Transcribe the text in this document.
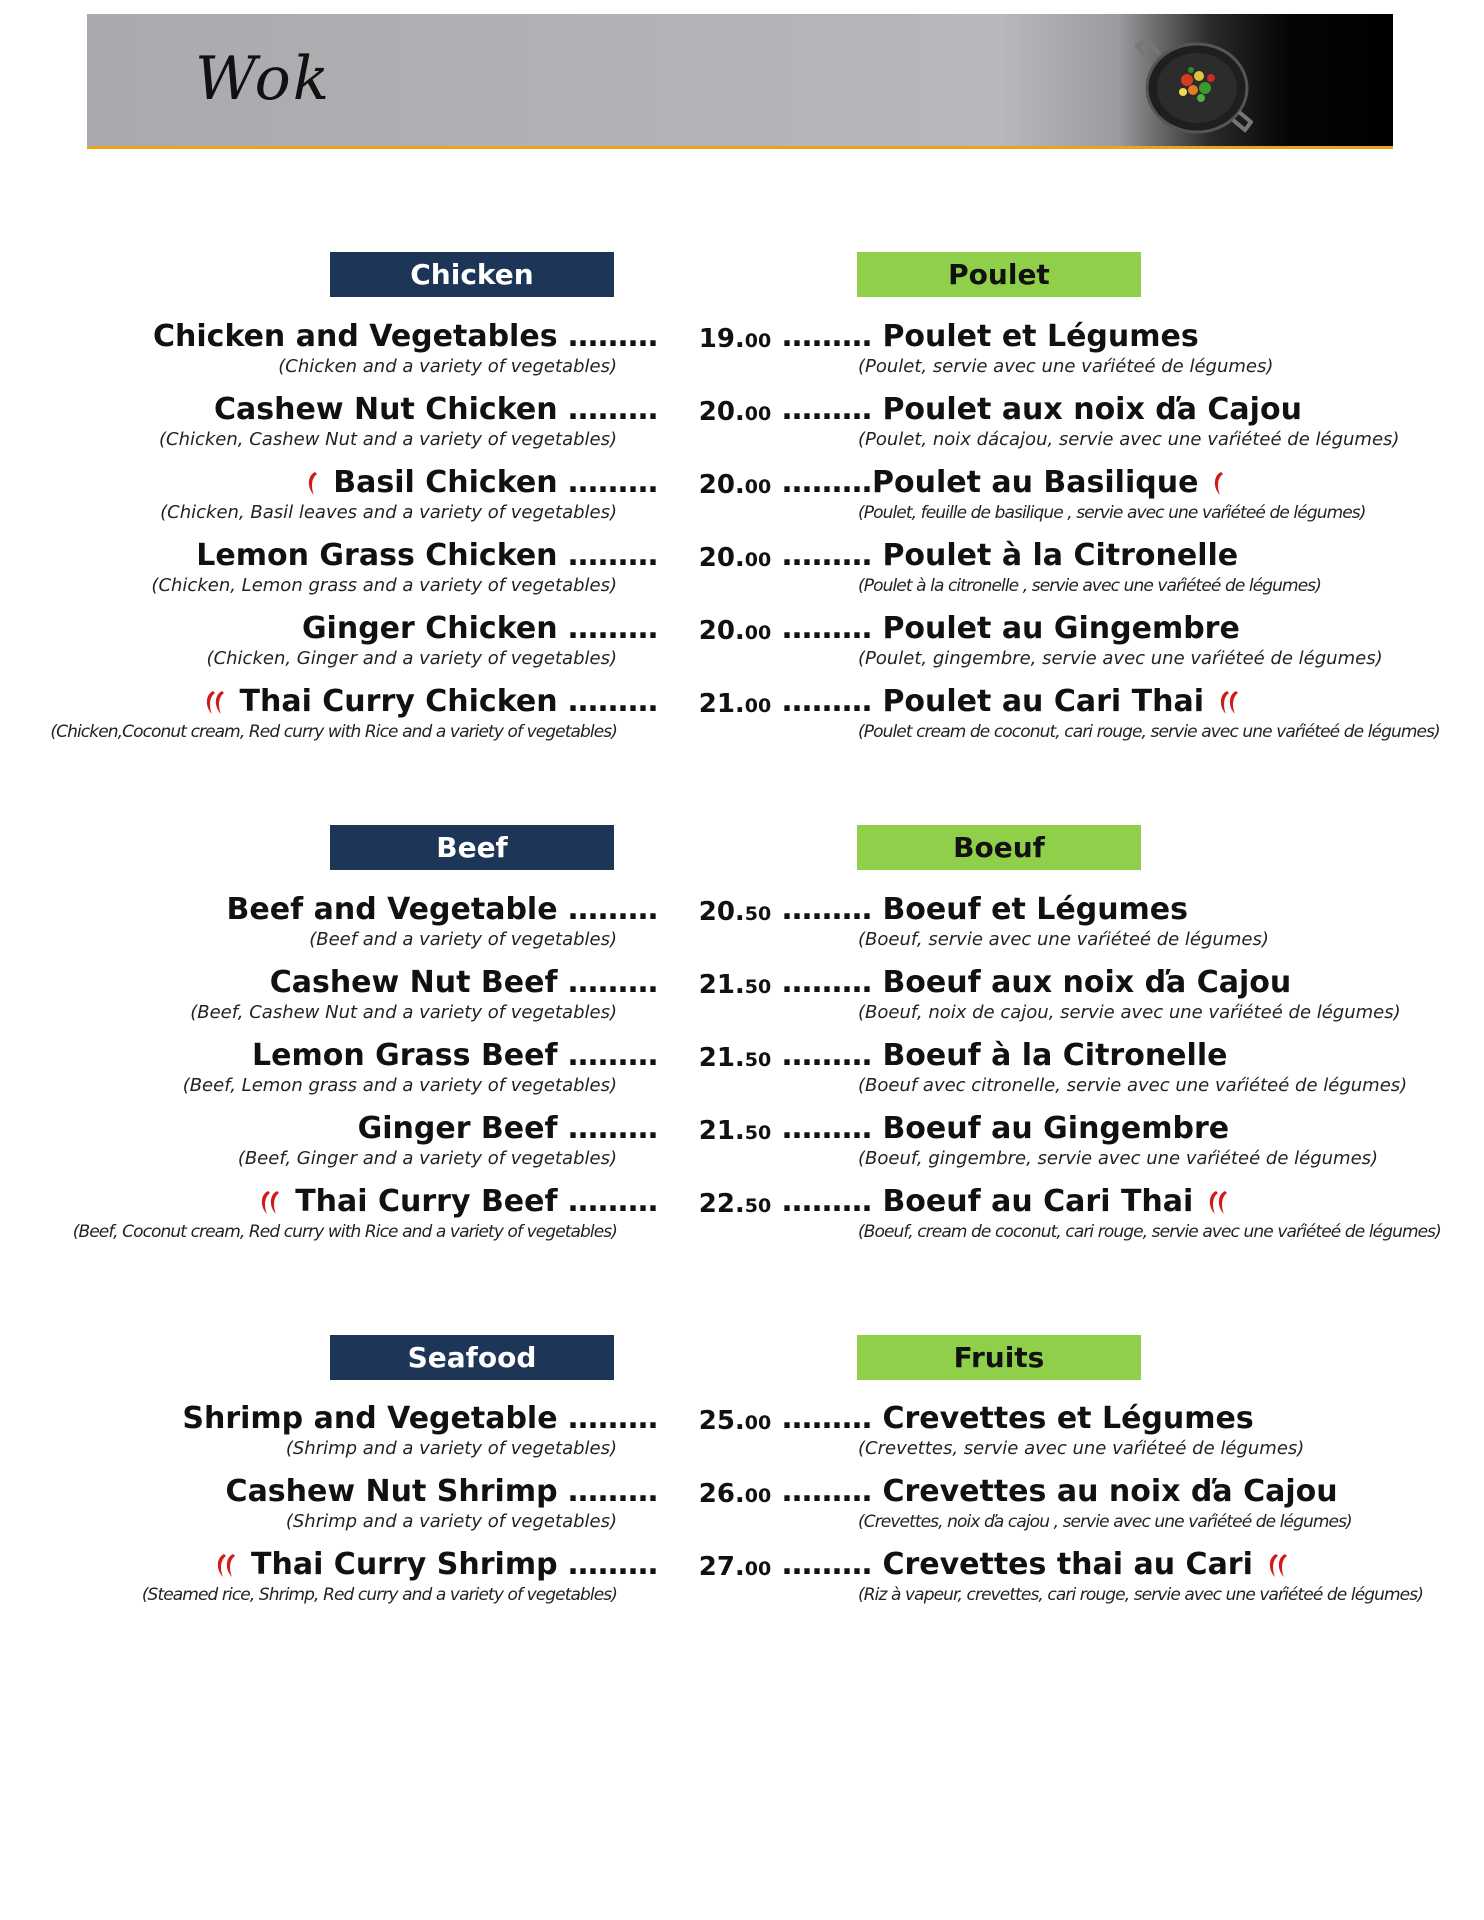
Wok
Chicken	Poulet
Chicken and Vegetables ………
(Chicken and a variety of vegetables)
19.00 ……… Poulet et Légumes
(Poulet, servie avec une vaŕiéteé de légumes)
Cashew Nut Chicken ………
(Chicken, Cashew Nut and a variety of vegetables)
20.00 ……… Poulet aux noix ďa Cajou
(Poulet, noix dácajou, servie avec une vaŕiéteé de légumes)
Basil Chicken ………
(Chicken, Basil leaves and a variety of vegetables)
20.00 ………Poulet au Basilique
(Poulet, feuille de basilique , servie avec une vaŕiéteé de légumes)
Lemon Grass Chicken ………
(Chicken, Lemon grass and a variety of vegetables)
20.00 ……… Poulet à la Citronelle
(Poulet à la citronelle , servie avec une vaŕiéteé de légumes)
Ginger Chicken ………
(Chicken, Ginger and a variety of vegetables)
20.00 ……… Poulet au Gingembre
(Poulet, gingembre, servie avec une vaŕiéteé de légumes)
Thai Curry Chicken ………
(Chicken,Coconut cream, Red curry with Rice and a variety of vegetables)
21.00 ……… Poulet au Cari Thai
(Poulet cream de coconut, cari rouge, servie avec une vaŕiéteé de légumes)
Beef	Boeuf
Beef and Vegetable ………
(Beef and a variety of vegetables)
20.50 ……… Boeuf et Légumes
(Boeuf, servie avec une vaŕiéteé de légumes)
Cashew Nut Beef ………
(Beef, Cashew Nut and a variety of vegetables)
21.50 ……… Boeuf aux noix ďa Cajou
(Boeuf, noix de cajou, servie avec une vaŕiéteé de légumes)
Lemon Grass Beef ………
(Beef, Lemon grass and a variety of vegetables)
21.50 ……… Boeuf à la Citronelle
(Boeuf avec citronelle, servie avec une vaŕiéteé de légumes)
Ginger Beef ………
(Beef, Ginger and a variety of vegetables)
21.50 ……… Boeuf au Gingembre
(Boeuf, gingembre, servie avec une vaŕiéteé de légumes)
Thai Curry Beef ………
(Beef, Coconut cream, Red curry with Rice and a variety of vegetables)
22.50 ……… Boeuf au Cari Thai
(Boeuf, cream de coconut, cari rouge, servie avec une vaŕiéteé de légumes)
Seafood	Fruits
Shrimp and Vegetable ………
(Shrimp and a variety of vegetables)
25.00 ……… Crevettes et Légumes
(Crevettes, servie avec une vaŕiéteé de légumes)
Cashew Nut Shrimp ………
(Shrimp and a variety of vegetables)
26.00 ……… Crevettes au noix ďa Cajou
(Crevettes, noix ďa cajou , servie avec une vaŕiéteé de légumes)
Thai Curry Shrimp ………
(Steamed rice, Shrimp, Red curry and a variety of vegetables)
27.00 ……… Crevettes thai au Cari
(Riz à vapeur, crevettes, cari rouge, servie avec une vaŕiéteé de légumes)
